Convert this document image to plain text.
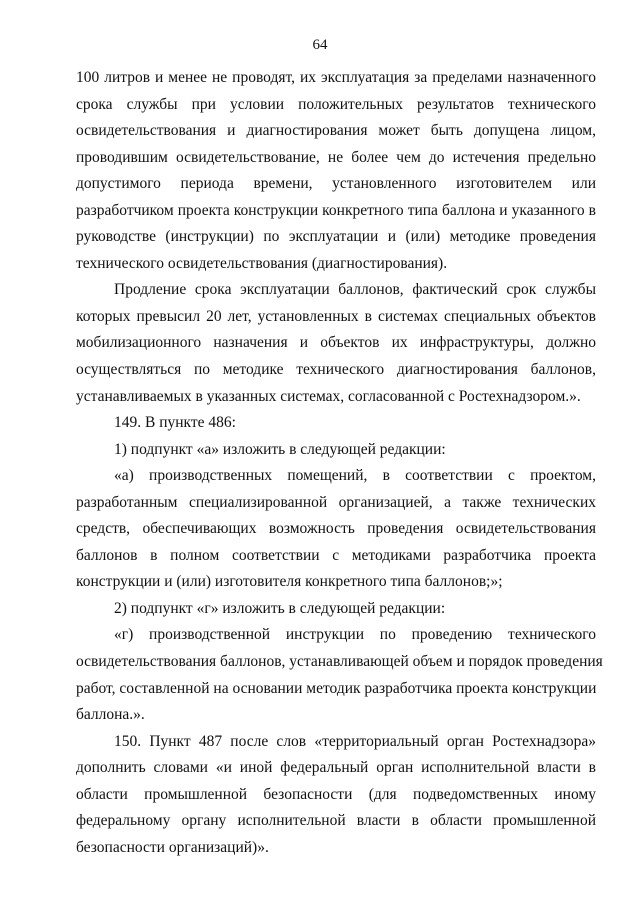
64
100 литров и менее не проводят, их эксплуатация за пределами назначенного
срока службы при условии положительных результатов технического
освидетельствования и диагностирования может быть допущена лицом,
проводившим освидетельствование, не более чем до истечения предельно
допустимого периода времени, установленного изготовителем или
разработчиком проекта конструкции конкретного типа баллона и указанного в
руководстве (инструкции) по эксплуатации и (или) методике проведения
технического освидетельствования (диагностирования).
Продление срока эксплуатации баллонов, фактический срок службы
которых превысил 20 лет, установленных в системах специальных объектов
мобилизационного назначения и объектов их инфраструктуры, должно
осуществляться по методике технического диагностирования баллонов,
устанавливаемых в указанных системах, согласованной с Ростехнадзором.».
149. В пункте 486:
1) подпункт «а» изложить в следующей редакции:
«а) производственных помещений, в соответствии с проектом,
разработанным специализированной организацией, а также технических
средств, обеспечивающих возможность проведения освидетельствования
баллонов в полном соответствии с методиками разработчика проекта
конструкции и (или) изготовителя конкретного типа баллонов;»;
2) подпункт «г» изложить в следующей редакции:
«г) производственной инструкции по проведению технического
освидетельствования баллонов, устанавливающей объем и порядок проведения
работ, составленной на основании методик разработчика проекта конструкции
баллона.».
150. Пункт 487 после слов «территориальный орган Ростехнадзора»
дополнить словами «и иной федеральный орган исполнительной власти в
области промышленной безопасности (для подведомственных иному
федеральному органу исполнительной власти в области промышленной
безопасности организаций)».
